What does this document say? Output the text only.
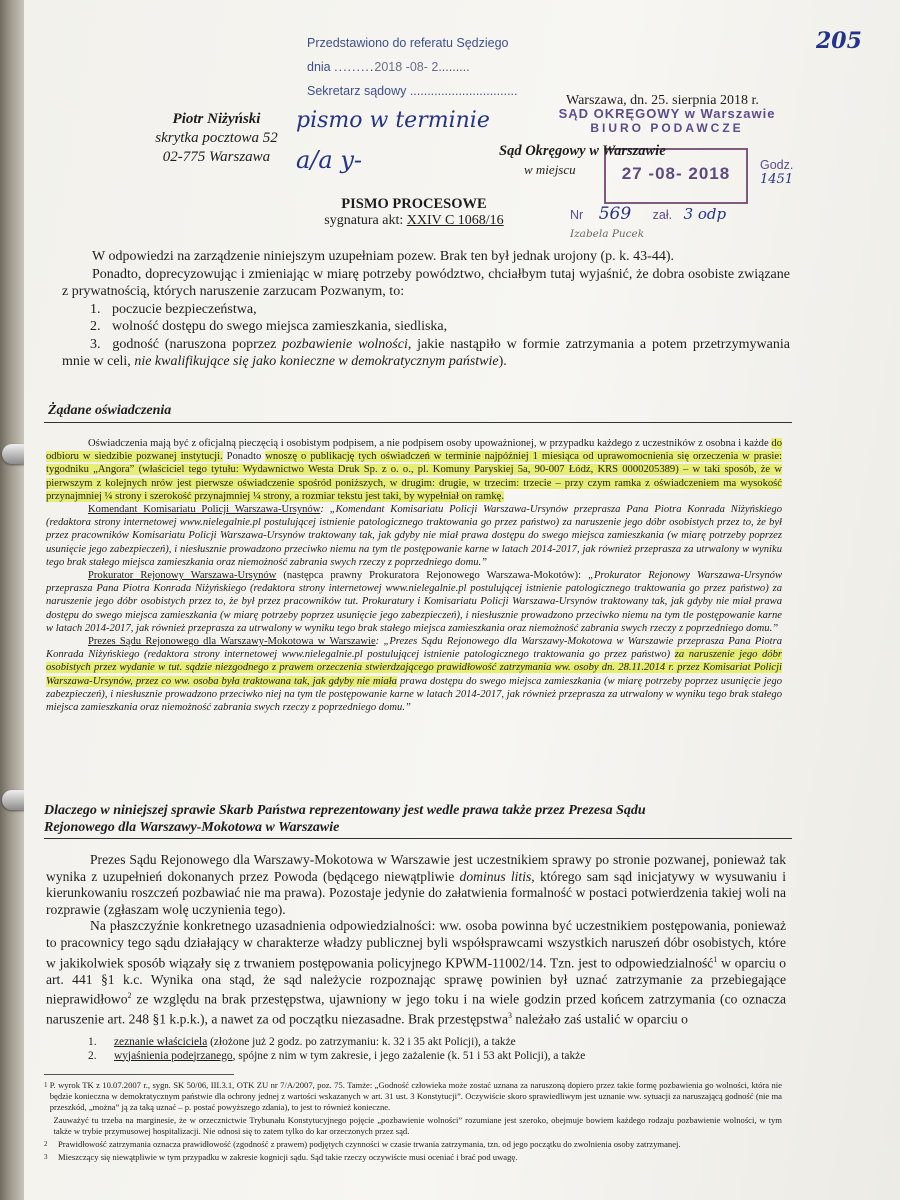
205
Przedstawiono do referatu Sędziego
dnia .........2018 -08- 2.........
Sekretarz sądowy ...............................
pismo w terminie
a/a y-
Warszawa, dn. 25. sierpnia 2018 r.
SĄD OKRĘGOWY w Warszawie
BIURO PODAWCZE
27 -08- 2018	Godz.
1451
Nr 569 zał. 3 odp
Izabela Pucek
Piotr Niżyński
skrytka pocztowa 52
02-775 Warszawa	Sąd Okręgowy w Warszawie
w miejscu
PISMO PROCESOWE
sygnatura akt: XXIV C 1068/16
W odpowiedzi na zarządzenie niniejszym uzupełniam pozew. Brak ten był jednak urojony (p. k. 43-44).
Ponadto, doprecyzowując i zmieniając w miarę potrzeby powództwo, chciałbym tutaj wyjaśnić, że dobra osobiste związane z prywatnością, których naruszenie zarzucam Pozwanym, to:
1. poczucie bezpieczeństwa,
2. wolność dostępu do swego miejsca zamieszkania, siedliska,
3. godność (naruszona poprzez pozbawienie wolności, jakie nastąpiło w formie zatrzymania a potem przetrzymywania mnie w celi, nie kwalifikujące się jako konieczne w demokratycznym państwie).
Żądane oświadczenia
Oświadczenia mają być z oficjalną pieczęcią i osobistym podpisem, a nie podpisem osoby upoważnionej, w przypadku każdego z uczestników z osobna i każde do odbioru w siedzibie pozwanej instytucji. Ponadto wnoszę o publikację tych oświadczeń w terminie najpóźniej 1 miesiąca od uprawomocnienia się orzeczenia w prasie: tygodniku „Angora” (właściciel tego tytułu: Wydawnictwo Westa Druk Sp. z o. o., pl. Komuny Paryskiej 5a, 90-007 Łódź, KRS 0000205389) – w taki sposób, że w pierwszym z kolejnych nrów jest pierwsze oświadczenie spośród poniższych, w drugim: drugie, w trzecim: trzecie – przy czym ramka z oświadczeniem ma wysokość przynajmniej ¼ strony i szerokość przynajmniej ¼ strony, a rozmiar tekstu jest taki, by wypełniał on ramkę.
Komendant Komisariatu Policji Warszawa-Ursynów: „Komendant Komisariatu Policji Warszawa-Ursynów przeprasza Pana Piotra Konrada Niżyńskiego (redaktora strony internetowej www.nielegalnie.pl postulującej istnienie patologicznego traktowania go przez państwo) za naruszenie jego dóbr osobistych przez to, że był przez pracowników Komisariatu Policji Warszawa-Ursynów traktowany tak, jak gdyby nie miał prawa dostępu do swego miejsca zamieszkania (w miarę potrzeby poprzez usunięcie jego zabezpieczeń), i niesłusznie prowadzono przeciwko niemu na tym tle postępowanie karne w latach 2014-2017, jak również przeprasza za utrwalony w wyniku tego brak stałego miejsca zamieszkania oraz niemożność zabrania swych rzeczy z poprzedniego domu.”
Prokurator Rejonowy Warszawa-Ursynów (następca prawny Prokuratora Rejonowego Warszawa-Mokotów): „Prokurator Rejonowy Warszawa-Ursynów przeprasza Pana Piotra Konrada Niżyńskiego (redaktora strony internetowej www.nielegalnie.pl postulującej istnienie patologicznego traktowania go przez państwo) za naruszenie jego dóbr osobistych przez to, że był przez pracowników tut. Prokuratury i Komisariatu Policji Warszawa-Ursynów traktowany tak, jak gdyby nie miał prawa dostępu do swego miejsca zamieszkania (w miarę potrzeby poprzez usunięcie jego zabezpieczeń), i niesłusznie prowadzono przeciwko niemu na tym tle postępowanie karne w latach 2014-2017, jak również przeprasza za utrwalony w wyniku tego brak stałego miejsca zamieszkania oraz niemożność zabrania swych rzeczy z poprzedniego domu.”
Prezes Sądu Rejonowego dla Warszawy-Mokotowa w Warszawie: „Prezes Sądu Rejonowego dla Warszawy-Mokotowa w Warszawie przeprasza Pana Piotra Konrada Niżyńskiego (redaktora strony internetowej www.nielegalnie.pl postulującej istnienie patologicznego traktowania go przez państwo) za naruszenie jego dóbr osobistych przez wydanie w tut. sądzie niezgodnego z prawem orzeczenia stwierdzającego prawidłowość zatrzymania ww. osoby dn. 28.11.2014 r. przez Komisariat Policji Warszawa-Ursynów, przez co ww. osoba była traktowana tak, jak gdyby nie miała prawa dostępu do swego miejsca zamieszkania (w miarę potrzeby poprzez usunięcie jego zabezpieczeń), i niesłusznie prowadzono przeciwko niej na tym tle postępowanie karne w latach 2014-2017, jak również przeprasza za utrwalony w wyniku tego brak stałego miejsca zamieszkania oraz niemożność zabrania swych rzeczy z poprzedniego domu.”
Dlaczego w niniejszej sprawie Skarb Państwa reprezentowany jest wedle prawa także przez Prezesa Sądu
Rejonowego dla Warszawy-Mokotowa w Warszawie
Prezes Sądu Rejonowego dla Warszawy-Mokotowa w Warszawie jest uczestnikiem sprawy po stronie pozwanej, ponieważ tak wynika z uzupełnień dokonanych przez Powoda (będącego niewątpliwie dominus litis, którego sam sąd inicjatywy w wysuwaniu i kierunkowaniu roszczeń pozbawiać nie ma prawa). Pozostaje jedynie do załatwienia formalność w postaci potwierdzenia takiej woli na rozprawie (zgłaszam wolę uczynienia tego).
Na płaszczyźnie konkretnego uzasadnienia odpowiedzialności: ww. osoba powinna być uczestnikiem postępowania, ponieważ to pracownicy tego sądu działający w charakterze władzy publicznej byli współsprawcami wszystkich naruszeń dóbr osobistych, które w jakikolwiek sposób wiązały się z trwaniem postępowania policyjnego KPWM-11002/14. Tzn. jest to odpowiedzialność$^1$ w oparciu o art. 441 §1 k.c. Wynika ona stąd, że sąd należycie rozpoznając sprawę powinien był uznać zatrzymanie za przebiegające nieprawidłowo$^2$ ze względu na brak przestępstwa, ujawniony w jego toku i na wiele godzin przed końcem zatrzymania (co oznacza naruszenie art. 248 §1 k.p.k.), a nawet za od początku niezasadne. Brak przestępstwa$^3$ należało zaś ustalić w oparciu o
1.	zeznanie właściciela (złożone już 2 godz. po zatrzymaniu: k. 32 i 35 akt Policji), a także
2.	wyjaśnienia podejrzanego, spójne z nim w tym zakresie, i jego zażalenie (k. 51 i 53 akt Policji), a także
1 P. wyrok TK z 10.07.2007 r., sygn. SK 50/06, III.3.1, OTK ZU nr 7/A/2007, poz. 75. Tamże: „Godność człowieka może zostać uznana za naruszoną dopiero przez takie formę pozbawienia go wolności, która nie będzie konieczna w demokratycznym państwie dla ochrony jednej z wartości wskazanych w art. 31 ust. 3 Konstytucji”. Oczywiście skoro sprawiedliwym jest uznanie ww. sytuacji za naruszającą godność (nie ma przeszkód, „można” ją za taką uznać – p. postać powyższego zdania), to jest to również konieczne.
Zauważyć tu trzeba na marginesie, że w orzecznictwie Trybunału Konstytucyjnego pojęcie „pozbawienie wolności” rozumiane jest szeroko, obejmuje bowiem każdego rodzaju pozbawienie wolności, w tym także w trybie przymusowej hospitalizacji. Nie odnosi się to zatem tylko do kar orzeczonych przez sąd.
2	Prawidłowość zatrzymania oznacza prawidłowość (zgodność z prawem) podjętych czynności w czasie trwania zatrzymania, tzn. od jego początku do zwolnienia osoby zatrzymanej.
3	Mieszczący się niewątpliwie w tym przypadku w zakresie kognicji sądu. Sąd takie rzeczy oczywiście musi oceniać i brać pod uwagę.
